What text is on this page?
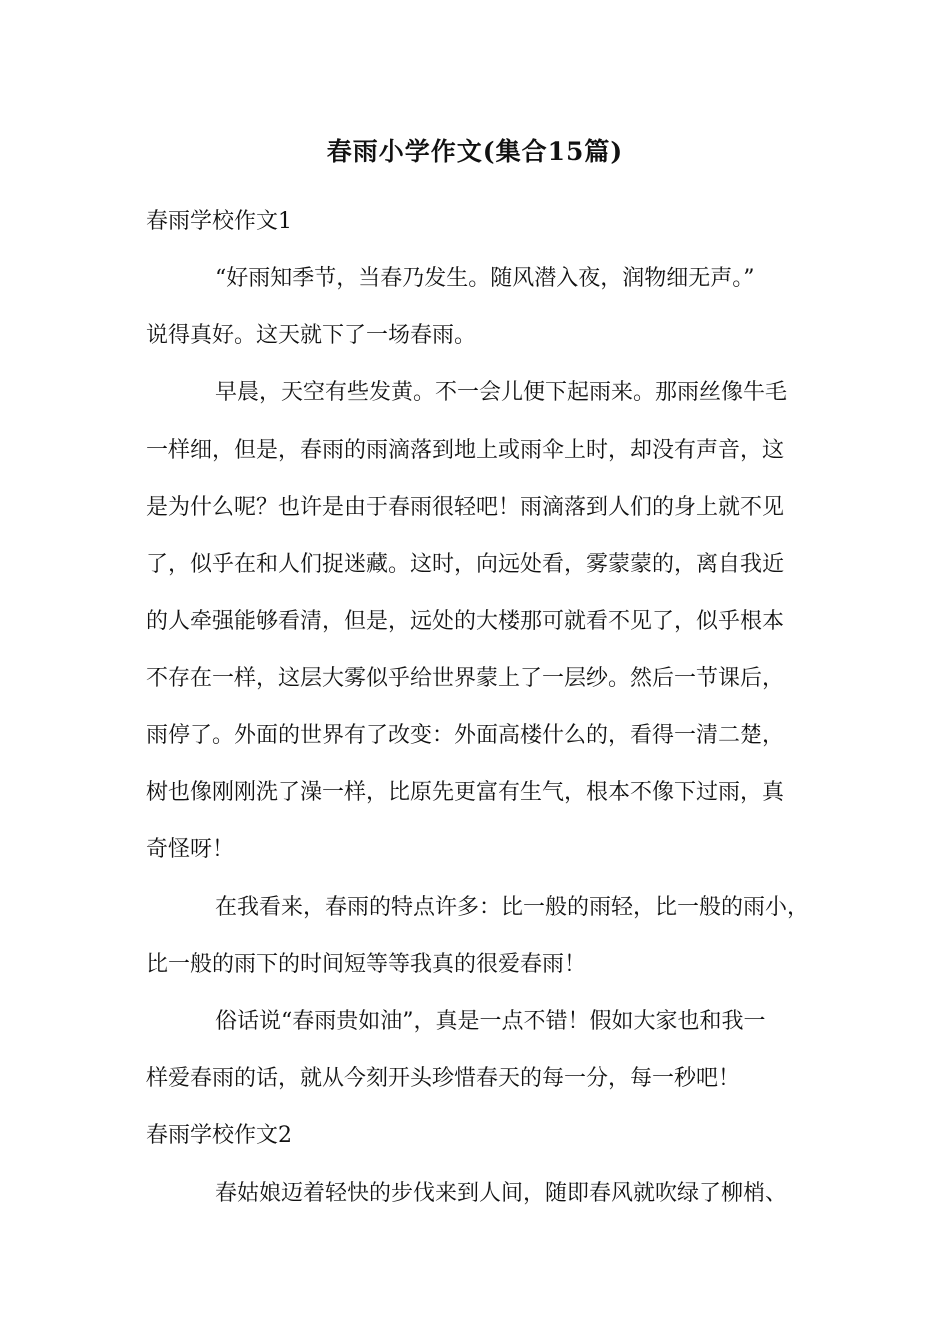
春雨小学作文(集合15篇)
春雨学校作文1
“好雨知季节，当春乃发生。随风潜入夜，润物细无声。”
说得真好。这天就下了一场春雨。
早晨，天空有些发黄。不一会儿便下起雨来。那雨丝像牛毛
一样细，但是，春雨的雨滴落到地上或雨伞上时，却没有声音，这
是为什么呢？也许是由于春雨很轻吧！雨滴落到人们的身上就不见
了，似乎在和人们捉迷藏。这时，向远处看，雾蒙蒙的，离自我近
的人牵强能够看清，但是，远处的大楼那可就看不见了，似乎根本
不存在一样，这层大雾似乎给世界蒙上了一层纱。然后一节课后，
雨停了。外面的世界有了改变：外面高楼什么的，看得一清二楚，
树也像刚刚洗了澡一样，比原先更富有生气，根本不像下过雨，真
奇怪呀！
在我看来，春雨的特点许多：比一般的雨轻，比一般的雨小，
比一般的雨下的时间短等等我真的很爱春雨！
俗话说“春雨贵如油”，真是一点不错！假如大家也和我一
样爱春雨的话，就从今刻开头珍惜春天的每一分，每一秒吧！
春雨学校作文2
春姑娘迈着轻快的步伐来到人间，随即春风就吹绿了柳梢、
